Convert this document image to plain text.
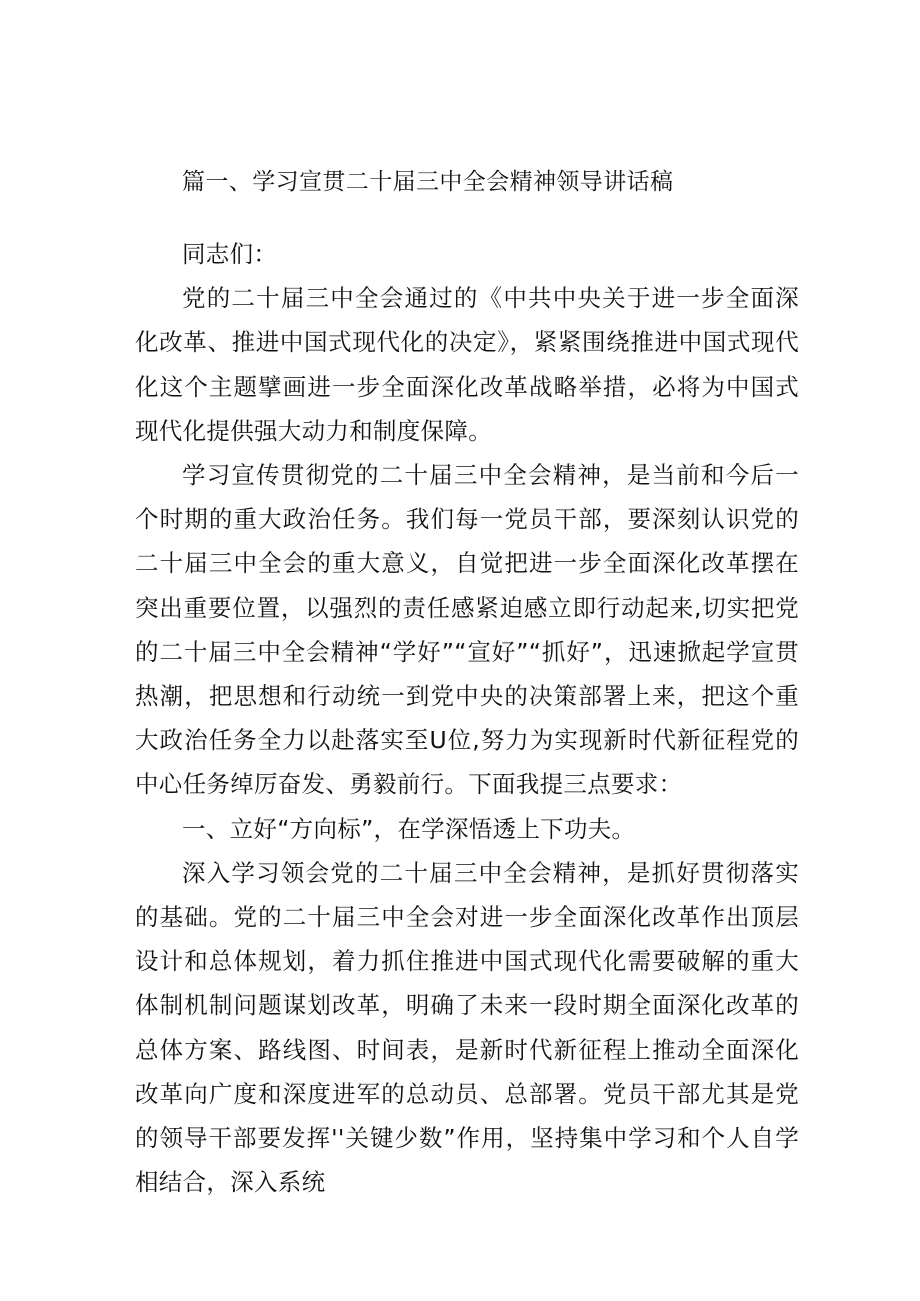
篇一、学习宣贯二十届三中全会精神领导讲话稿

同志们：

党的二十届三中全会通过的《中共中央关于进一步全面深化改革、推进中国式现代化的决定》，紧紧围绕推进中国式现代化这个主题擘画进一步全面深化改革战略举措，必将为中国式现代化提供强大动力和制度保障。

学习宣传贯彻党的二十届三中全会精神，是当前和今后一个时期的重大政治任务。我们每一党员干部，要深刻认识党的二十届三中全会的重大意义，自觉把进一步全面深化改革摆在突出重要位置，以强烈的责任感紧迫感立即行动起来,切实把党的二十届三中全会精神“学好”“宣好”“抓好”，迅速掀起学宣贯热潮，把思想和行动统一到党中央的决策部署上来，把这个重大政治任务全力以赴落实至U位,努力为实现新时代新征程党的中心任务绰厉奋发、勇毅前行。下面我提三点要求：

一、立好“方向标”，在学深悟透上下功夫。

深入学习领会党的二十届三中全会精神，是抓好贯彻落实的基础。党的二十届三中全会对进一步全面深化改革作出顶层设计和总体规划，着力抓住推进中国式现代化需要破解的重大体制机制问题谋划改革，明确了未来一段时期全面深化改革的总体方案、路线图、时间表，是新时代新征程上推动全面深化改革向广度和深度进军的总动员、总部署。党员干部尤其是党的领导干部要发挥''关键少数”作用，坚持集中学习和个人自学相结合，深入系统
